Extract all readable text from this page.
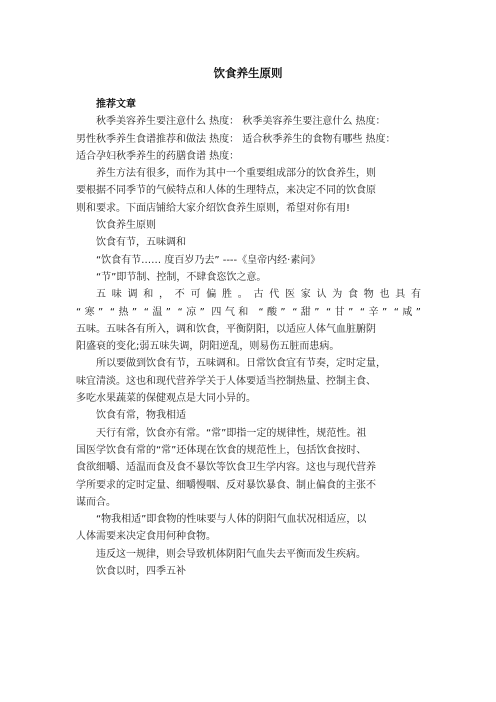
饮食养生原则
推荐文章
秋季美容养生要注意什么 热度： 秋季美容养生要注意什么 热度：
男性秋季养生食谱推荐和做法 热度： 适合秋季养生的食物有哪些 热度：
适合孕妇秋季养生的药膳食谱 热度：
养生方法有很多，而作为其中一个重要组成部分的饮食养生，则
要根据不同季节的气候特点和人体的生理特点，来决定不同的饮食原
则和要求。下面店铺给大家介绍饮食养生原则，希望对你有用!
饮食养生原则
饮食有节，五味调和
“饮食有节…… 度百岁乃去” ----《皇帝内经·素问》
“节”即节制、控制，不肆食恣饮之意。
五 味 调 和 ， 不 可 偏 胜 。 古 代 医 家 认 为 食 物 也 具 有
“寒” “热” “温” “凉” 四气和 “酸” “甜” “甘” “辛” “咸”
五味。五味各有所入，调和饮食，平衡阴阳，以适应人体气血脏腑阴
阳盛衰的变化;弱五味失调，阴阳逆乱，则易伤五脏而患病。
所以要做到饮食有节，五味调和。日常饮食宜有节奏，定时定量，
味宜清淡。这也和现代营养学关于人体要适当控制热量、控制主食、
多吃水果蔬菜的保健观点是大同小异的。
饮食有常，物我相适
天行有常，饮食亦有常。“常”即指一定的规律性，规范性。祖
国医学饮食有常的“常”还体现在饮食的规范性上，包括饮食按时、
食欲细嚼、适温而食及食不暴饮等饮食卫生学内容。这也与现代营养
学所要求的定时定量、细嚼慢咽、反对暴饮暴食、制止偏食的主张不
谋而合。
“物我相适”即食物的性味要与人体的阴阳气血状况相适应，以
人体需要来决定食用何种食物。
违反这一规律，则会导致机体阴阳气血失去平衡而发生疾病。
饮食以时，四季五补
